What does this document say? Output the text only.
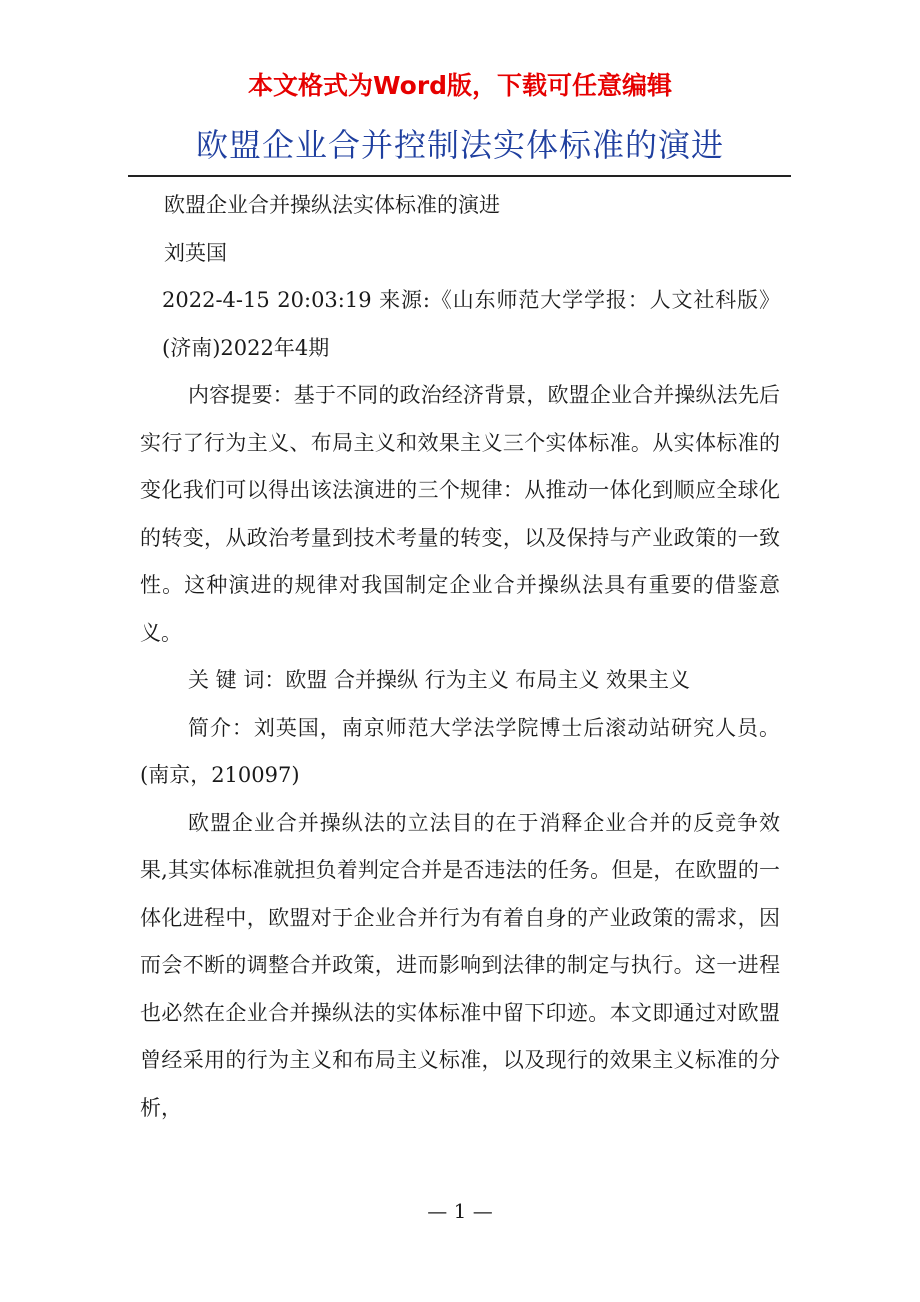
本文格式为Word版，下载可任意编辑
欧盟企业合并控制法实体标准的演进

欧盟企业合并操纵法实体标准的演进

刘英国

2022-4-15 20:03:19 来源:《山东师范大学学报：人文社科版》(济南)2022年4期

内容提要：基于不同的政治经济背景，欧盟企业合并操纵法先后实行了行为主义、布局主义和效果主义三个实体标准。从实体标准的变化我们可以得出该法演进的三个规律：从推动一体化到顺应全球化的转变，从政治考量到技术考量的转变，以及保持与产业政策的一致性。这种演进的规律对我国制定企业合并操纵法具有重要的借鉴意义。

关 键 词：欧盟 合并操纵 行为主义 布局主义 效果主义

简介：刘英国，南京师范大学法学院博士后滚动站研究人员。(南京，210097)

欧盟企业合并操纵法的立法目的在于消释企业合并的反竞争效果,其实体标准就担负着判定合并是否违法的任务。但是，在欧盟的一体化进程中，欧盟对于企业合并行为有着自身的产业政策的需求，因而会不断的调整合并政策，进而影响到法律的制定与执行。这一进程也必然在企业合并操纵法的实体标准中留下印迹。本文即通过对欧盟曾经采用的行为主义和布局主义标准，以及现行的效果主义标准的分析，

— 1 —
